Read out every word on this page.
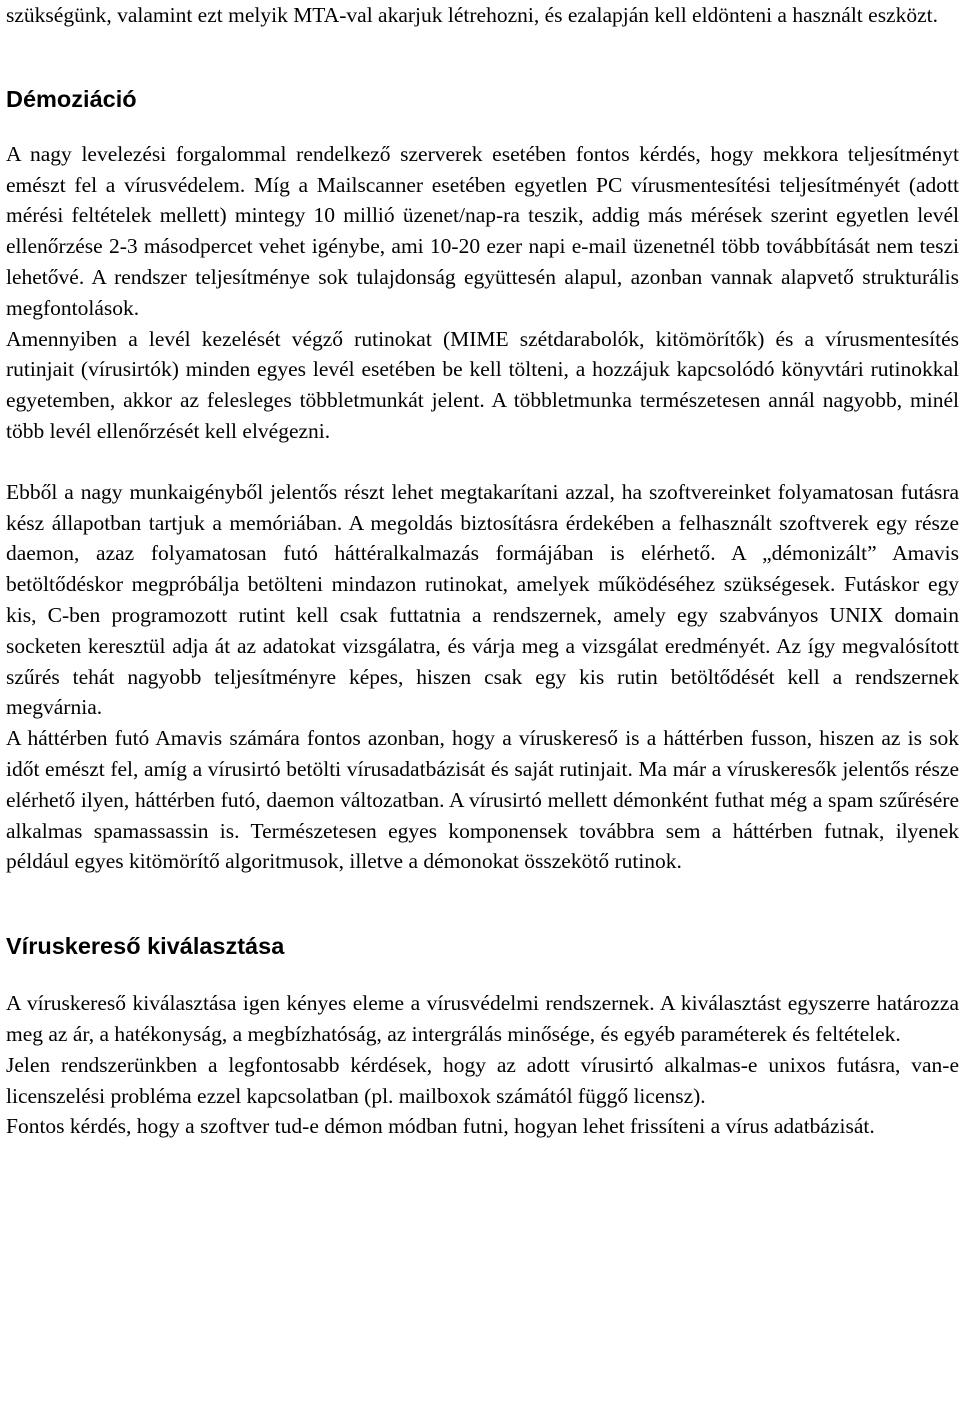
szükségünk, valamint ezt melyik MTA-val akarjuk létrehozni, és ezalapján kell eldönteni a használt eszközt.

Démoziáció

A nagy levelezési forgalommal rendelkező szerverek esetében fontos kérdés, hogy mekkora teljesítményt emészt fel a vírusvédelem. Míg a Mailscanner esetében egyetlen PC vírusmentesítési teljesítményét (adott mérési feltételek mellett) mintegy 10 millió üzenet/nap-ra teszik, addig más mérések szerint egyetlen levél ellenőrzése 2-3 másodpercet vehet igénybe, ami 10-20 ezer napi e-mail üzenetnél több továbbítását nem teszi lehetővé. A rendszer teljesítménye sok tulajdonság együttesén alapul, azonban vannak alapvető strukturális megfontolások.

Amennyiben a levél kezelését végző rutinokat (MIME szétdarabolók, kitömörítők) és a vírusmentesítés rutinjait (vírusirtók) minden egyes levél esetében be kell tölteni, a hozzájuk kapcsolódó könyvtári rutinokkal egyetemben, akkor az felesleges többletmunkát jelent. A többletmunka természetesen annál nagyobb, minél több levél ellenőrzését kell elvégezni.

Ebből a nagy munkaigényből jelentős részt lehet megtakarítani azzal, ha szoftvereinket folyamatosan futásra kész állapotban tartjuk a memóriában. A megoldás biztosításra érdekében a felhasznált szoftverek egy része daemon, azaz folyamatosan futó háttéralkalmazás formájában is elérhető. A „démonizált” Amavis betöltődéskor megpróbálja betölteni mindazon rutinokat, amelyek működéséhez szükségesek. Futáskor egy kis, C-ben programozott rutint kell csak futtatnia a rendszernek, amely egy szabványos UNIX domain socketen keresztül adja át az adatokat vizsgálatra, és várja meg a vizsgálat eredményét. Az így megvalósított szűrés tehát nagyobb teljesítményre képes, hiszen csak egy kis rutin betöltődését kell a rendszernek megvárnia.

A háttérben futó Amavis számára fontos azonban, hogy a víruskereső is a háttérben fusson, hiszen az is sok időt emészt fel, amíg a vírusirtó betölti vírusadatbázisát és saját rutinjait. Ma már a víruskeresők jelentős része elérhető ilyen, háttérben futó, daemon változatban. A vírusirtó mellett démonként futhat még a spam szűrésére alkalmas spamassassin is. Természetesen egyes komponensek továbbra sem a háttérben futnak, ilyenek például egyes kitömörítő algoritmusok, illetve a démonokat összekötő rutinok.

Víruskereső kiválasztása

A víruskereső kiválasztása igen kényes eleme a vírusvédelmi rendszernek. A kiválasztást egyszerre határozza meg az ár, a hatékonyság, a megbízhatóság, az intergrálás minősége, és egyéb paraméterek és feltételek.

Jelen rendszerünkben a legfontosabb kérdések, hogy az adott vírusirtó alkalmas-e unixos futásra, van-e licenszelési probléma ezzel kapcsolatban (pl. mailboxok számától függő licensz).

Fontos kérdés, hogy a szoftver tud-e démon módban futni, hogyan lehet frissíteni a vírus adatbázisát.
